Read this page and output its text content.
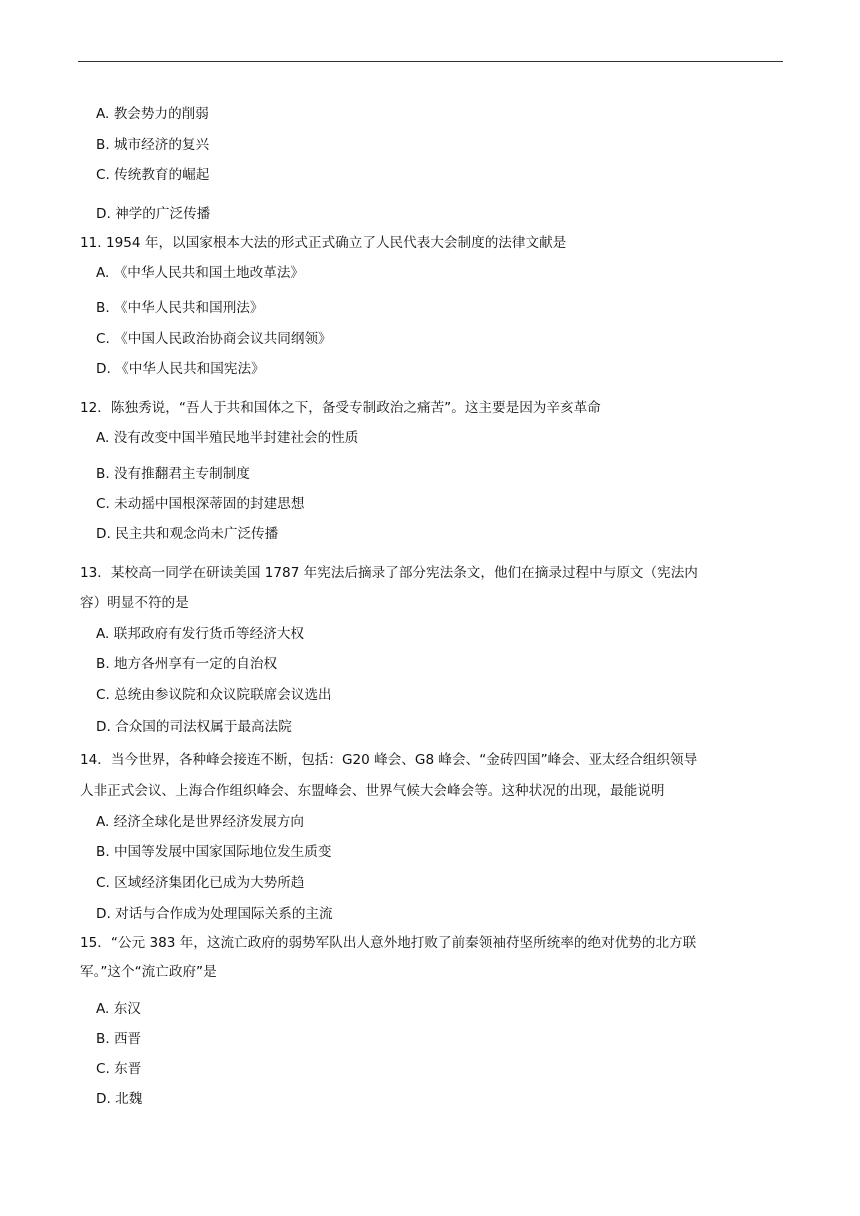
A. 教会势力的削弱
B. 城市经济的复兴
C. 传统教育的崛起
D. 神学的广泛传播
11. 1954 年，以国家根本大法的形式正式确立了人民代表大会制度的法律文献是
A. 《中华人民共和国土地改革法》
B. 《中华人民共和国刑法》
C. 《中国人民政治协商会议共同纲领》
D. 《中华人民共和国宪法》
12．陈独秀说，“吾人于共和国体之下，备受专制政治之痛苦”。这主要是因为辛亥革命
A. 没有改变中国半殖民地半封建社会的性质
B. 没有推翻君主专制制度
C. 未动摇中国根深蒂固的封建思想
D. 民主共和观念尚未广泛传播
13．某校高一同学在研读美国 1787 年宪法后摘录了部分宪法条文，他们在摘录过程中与原文（宪法内
容）明显不符的是
A. 联邦政府有发行货币等经济大权
B. 地方各州享有一定的自治权
C. 总统由参议院和众议院联席会议选出
D. 合众国的司法权属于最高法院
14．当今世界，各种峰会接连不断，包括：G20 峰会、G8 峰会、“金砖四国”峰会、亚太经合组织领导
人非正式会议、上海合作组织峰会、东盟峰会、世界气候大会峰会等。这种状况的出现，最能说明
A. 经济全球化是世界经济发展方向
B. 中国等发展中国家国际地位发生质变
C. 区域经济集团化已成为大势所趋
D. 对话与合作成为处理国际关系的主流
15．“公元 383 年，这流亡政府的弱势军队出人意外地打败了前秦领袖苻坚所统率的绝对优势的北方联
军。”这个“流亡政府”是
A. 东汉
B. 西晋
C. 东晋
D. 北魏
